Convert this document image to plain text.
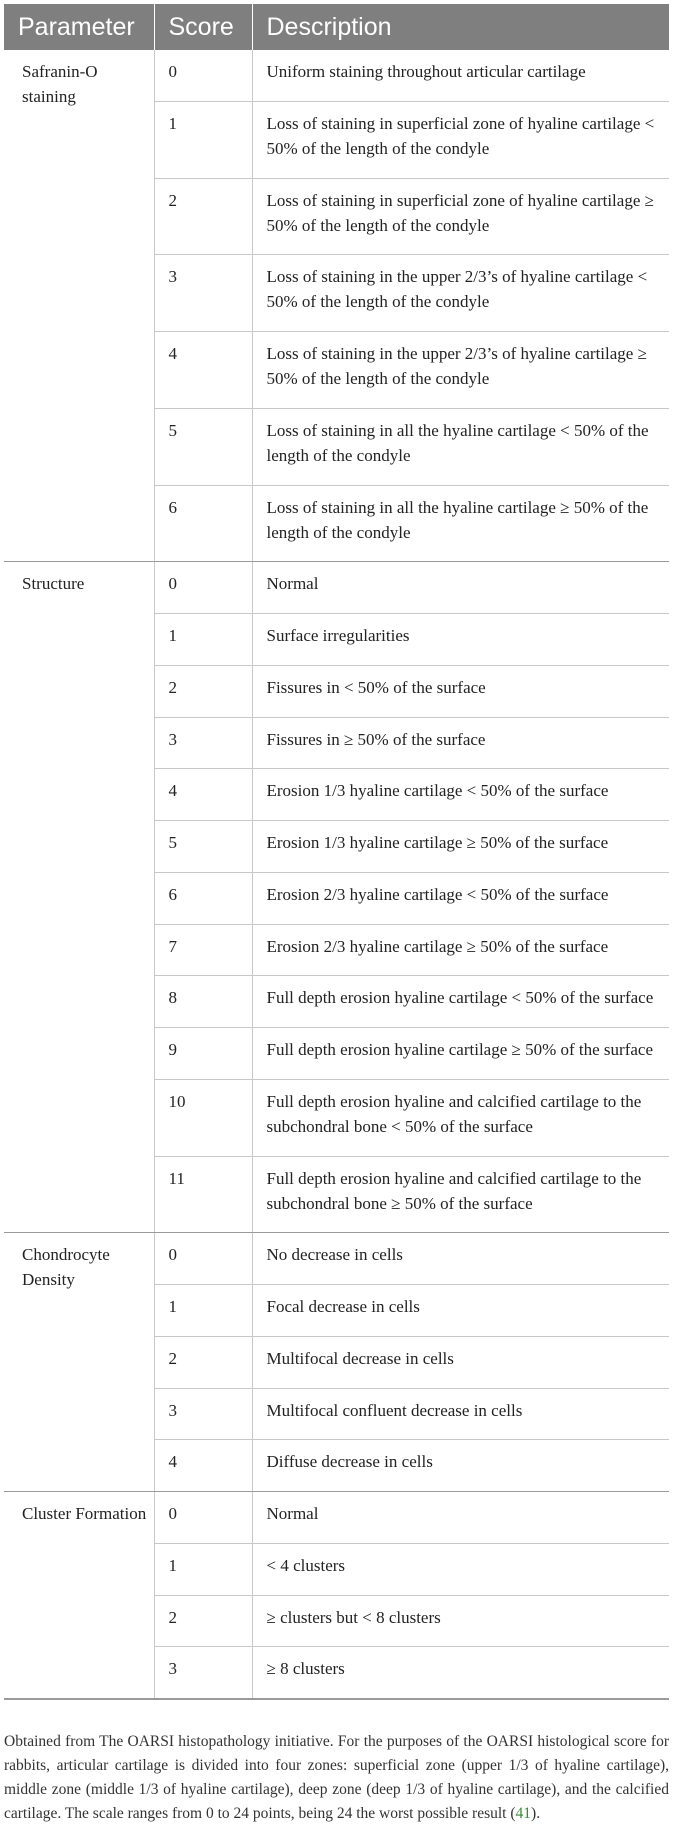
Parameter	Score	Description
Safranin-O staining	0	Uniform staining throughout articular cartilage
	1	Loss of staining in superficial zone of hyaline cartilage < 50% of the length of the condyle
	2	Loss of staining in superficial zone of hyaline cartilage ≥ 50% of the length of the condyle
	3	Loss of staining in the upper 2/3’s of hyaline cartilage < 50% of the length of the condyle
	4	Loss of staining in the upper 2/3’s of hyaline cartilage ≥ 50% of the length of the condyle
	5	Loss of staining in all the hyaline cartilage < 50% of the length of the condyle
	6	Loss of staining in all the hyaline cartilage ≥ 50% of the length of the condyle
Structure	0	Normal
	1	Surface irregularities
	2	Fissures in < 50% of the surface
	3	Fissures in ≥ 50% of the surface
	4	Erosion 1/3 hyaline cartilage < 50% of the surface
	5	Erosion 1/3 hyaline cartilage ≥ 50% of the surface
	6	Erosion 2/3 hyaline cartilage < 50% of the surface
	7	Erosion 2/3 hyaline cartilage ≥ 50% of the surface
	8	Full depth erosion hyaline cartilage < 50% of the surface
	9	Full depth erosion hyaline cartilage ≥ 50% of the surface
	10	Full depth erosion hyaline and calcified cartilage to the subchondral bone < 50% of the surface
	11	Full depth erosion hyaline and calcified cartilage to the subchondral bone ≥ 50% of the surface
Chondrocyte Density	0	No decrease in cells
	1	Focal decrease in cells
	2	Multifocal decrease in cells
	3	Multifocal confluent decrease in cells
	4	Diffuse decrease in cells
Cluster Formation	0	Normal
	1	< 4 clusters
	2	≥ clusters but < 8 clusters
	3	≥ 8 clusters

Obtained from The OARSI histopathology initiative. For the purposes of the OARSI histological score for rabbits, articular cartilage is divided into four zones: superficial zone (upper 1/3 of hyaline cartilage), middle zone (middle 1/3 of hyaline cartilage), deep zone (deep 1/3 of hyaline cartilage), and the calcified cartilage. The scale ranges from 0 to 24 points, being 24 the worst possible result (41).
